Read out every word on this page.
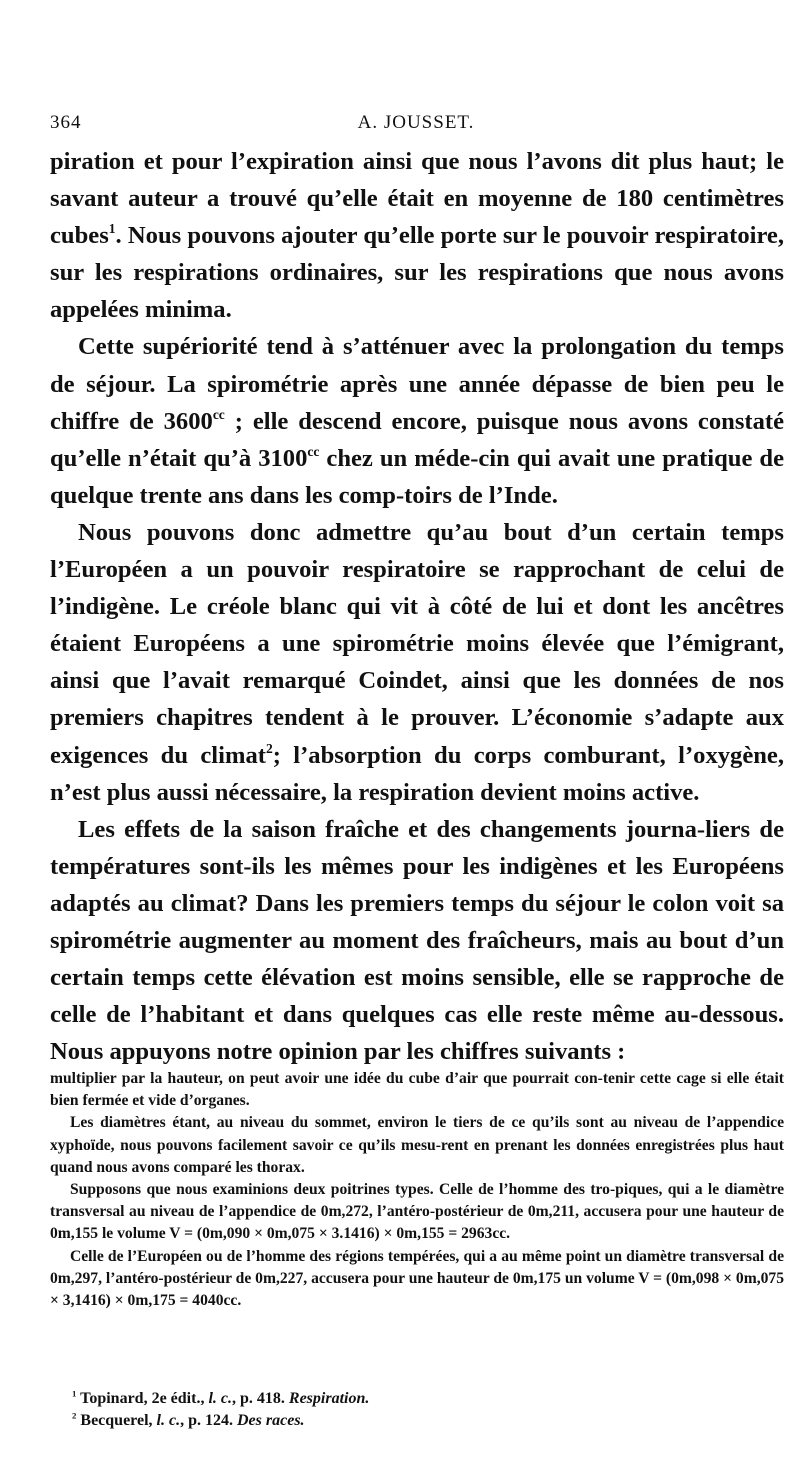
364	A. JOUSSET.

piration et pour l’expiration ainsi que nous l’avons dit plus haut; le savant auteur a trouvé qu’elle était en moyenne de 180 centimètres cubes$^1$. Nous pouvons ajouter qu’elle porte sur le pouvoir respiratoire, sur les respirations ordinaires, sur les respirations que nous avons appelées minima.

Cette supériorité tend à s’atténuer avec la prolongation du temps de séjour. La spirométrie après une année dépasse de bien peu le chiffre de $3600^{cc}$ ; elle descend encore, puisque nous avons constaté qu’elle n’était qu’à $3100^{cc}$ chez un méde-cin qui avait une pratique de quelque trente ans dans les comp-toirs de l’Inde.

Nous pouvons donc admettre qu’au bout d’un certain temps l’Européen a un pouvoir respiratoire se rapprochant de celui de l’indigène. Le créole blanc qui vit à côté de lui et dont les ancêtres étaient Européens a une spirométrie moins élevée que l’émigrant, ainsi que l’avait remarqué Coindet, ainsi que les données de nos premiers chapitres tendent à le prouver. L’économie s’adapte aux exigences du climat$^2$; l’absorption du corps comburant, l’oxygène, n’est plus aussi nécessaire, la respiration devient moins active.

Les effets de la saison fraîche et des changements journa-liers de températures sont-ils les mêmes pour les indigènes et les Européens adaptés au climat? Dans les premiers temps du séjour le colon voit sa spirométrie augmenter au moment des fraîcheurs, mais au bout d’un certain temps cette élévation est moins sensible, elle se rapproche de celle de l’habitant et dans quelques cas elle reste même au-dessous. Nous appuyons notre opinion par les chiffres suivants :

multiplier par la hauteur, on peut avoir une idée du cube d’air que pourrait con-tenir cette cage si elle était bien fermée et vide d’organes.

Les diamètres étant, au niveau du sommet, environ le tiers de ce qu’ils sont au niveau de l’appendice xyphoïde, nous pouvons facilement savoir ce qu’ils mesu-rent en prenant les données enregistrées plus haut quand nous avons comparé les thorax.

Supposons que nous examinions deux poitrines types. Celle de l’homme des tro-piques, qui a le diamètre transversal au niveau de l’appendice de 0m,272, l’antéro-postérieur de 0m,211, accusera pour une hauteur de 0m,155 le volume V = (0m,090 × 0m,075 × 3.1416) × 0m,155 = 2963cc.

Celle de l’Européen ou de l’homme des régions tempérées, qui a au même point un diamètre transversal de 0m,297, l’antéro-postérieur de 0m,227, accusera pour une hauteur de 0m,175 un volume V = (0m,098 × 0m,075 × 3,1416) × 0m,175 = 4040cc.

$^1$ Topinard, 2e édit., l. c., p. 418. Respiration.

$^2$ Becquerel, l. c., p. 124. Des races.
